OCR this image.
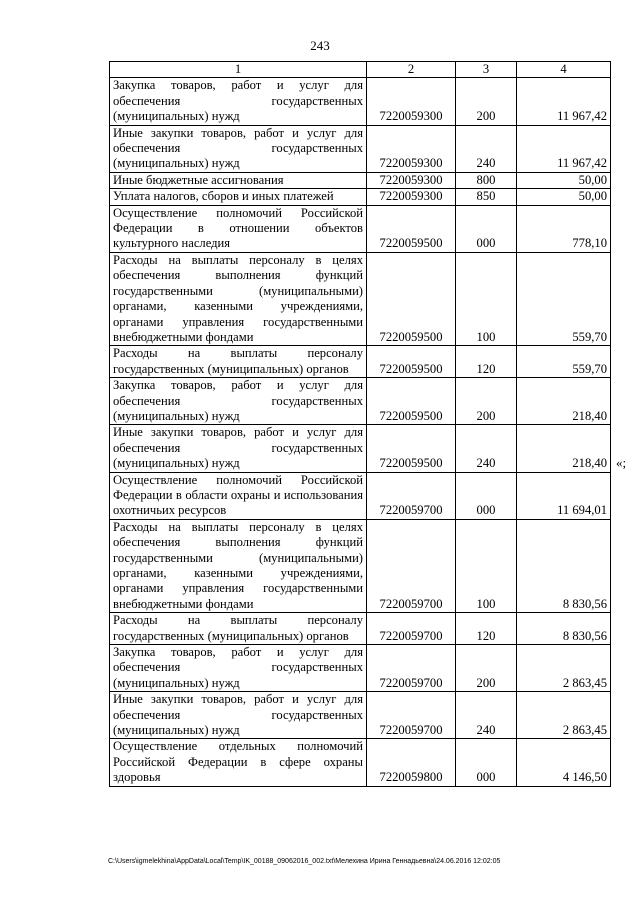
243
1	2	3	4
Закупка товаров, работ и услуг для обеспечения государственных (муниципальных) нужд	7220059300	200	11 967,42
Иные закупки товаров, работ и услуг для обеспечения государственных (муниципальных) нужд	7220059300	240	11 967,42
Иные бюджетные ассигнования	7220059300	800	50,00
Уплата налогов, сборов и иных платежей	7220059300	850	50,00
Осуществление полномочий Российской Федерации в отношении объектов культурного наследия	7220059500	000	778,10
Расходы на выплаты персоналу в целях обеспечения выполнения функций государственными (муниципальными) органами, казенными учреждениями, органами управления государственными внебюджетными фондами	7220059500	100	559,70
Расходы на выплаты персоналу государственных (муниципальных) органов	7220059500	120	559,70
Закупка товаров, работ и услуг для обеспечения государственных (муниципальных) нужд	7220059500	200	218,40
Иные закупки товаров, работ и услуг для обеспечения государственных (муниципальных) нужд	7220059500	240	218,40
Осуществление полномочий Российской Федерации в области охраны и использования охотничьих ресурсов	7220059700	000	11 694,01
Расходы на выплаты персоналу в целях обеспечения выполнения функций государственными (муниципальными) органами, казенными учреждениями, органами управления государственными внебюджетными фондами	7220059700	100	8 830,56
Расходы на выплаты персоналу государственных (муниципальных) органов	7220059700	120	8 830,56
Закупка товаров, работ и услуг для обеспечения государственных (муниципальных) нужд	7220059700	200	2 863,45
Иные закупки товаров, работ и услуг для обеспечения государственных (муниципальных) нужд	7220059700	240	2 863,45
Осуществление отдельных полномочий Российской Федерации в сфере охраны здоровья	7220059800	000	4 146,50
«;
C:\Users\igmelekhina\AppData\Local\Temp\IK_00188_09062016_002.txt\Мелехина Ирина Геннадьевна\24.06.2016 12:02:05
